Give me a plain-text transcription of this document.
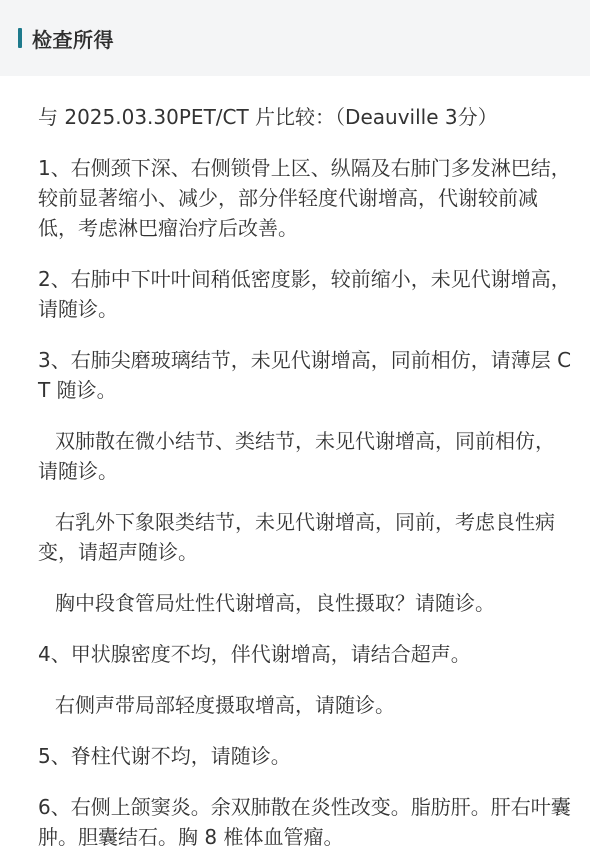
检查所得
与 2025.03.30PET/CT 片比较：（Deauville 3分）

1、右侧颈下深、右侧锁骨上区、纵隔及右肺门多发淋巴结，较前显著缩小、减少，部分伴轻度代谢增高，代谢较前减低，考虑淋巴瘤治疗后改善。

2、右肺中下叶叶间稍低密度影，较前缩小，未见代谢增高，请随诊。

3、右肺尖磨玻璃结节，未见代谢增高，同前相仿，请薄层 CT 随诊。

双肺散在微小结节、类结节，未见代谢增高，同前相仿，请随诊。

右乳外下象限类结节，未见代谢增高，同前，考虑良性病变，请超声随诊。

胸中段食管局灶性代谢增高，良性摄取？请随诊。

4、甲状腺密度不均，伴代谢增高，请结合超声。

右侧声带局部轻度摄取增高，请随诊。

5、脊柱代谢不均，请随诊。

6、右侧上颌窦炎。余双肺散在炎性改变。脂肪肝。肝右叶囊肿。胆囊结石。胸 8 椎体血管瘤。
